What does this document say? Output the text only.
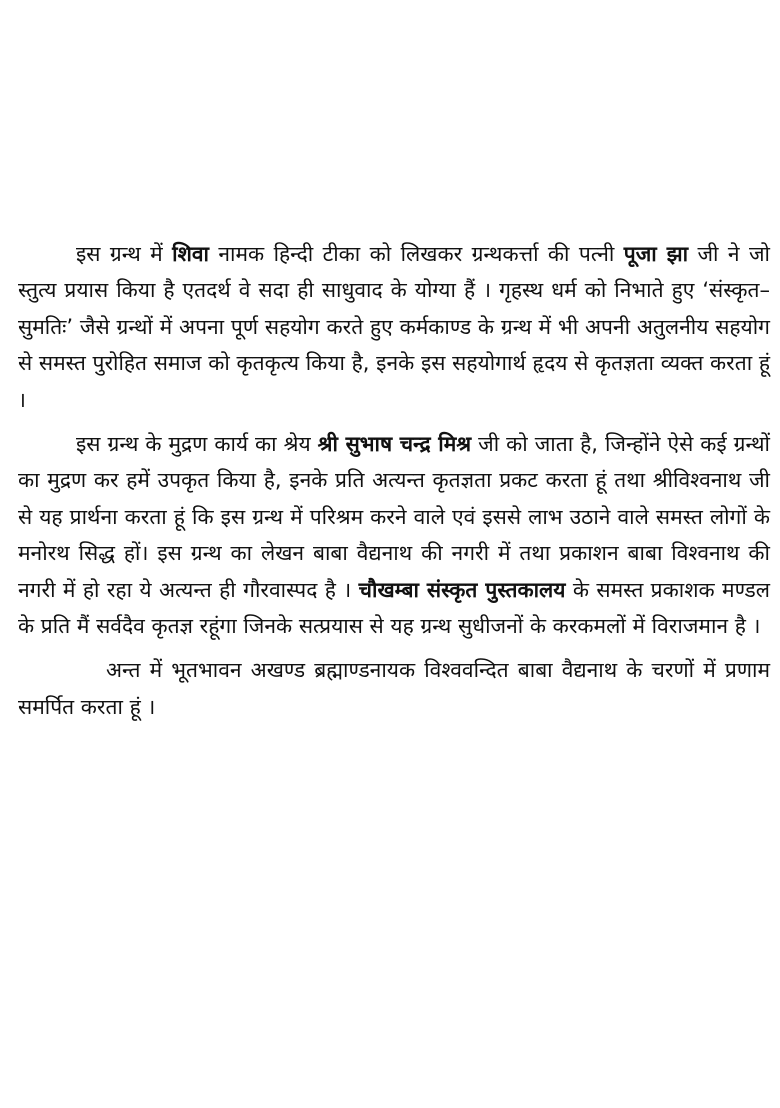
इस ग्रन्थ में शिवा नामक हिन्दी टीका को लिखकर ग्रन्थकर्त्ता की पत्नी पूजा झा जी ने जो स्तुत्य प्रयास किया है एतदर्थ वे सदा ही साधुवाद के योग्या हैं । गृहस्थ धर्म को निभाते हुए ‘संस्कृत–सुमतिः’ जैसे ग्रन्थों में अपना पूर्ण सहयोग करते हुए कर्मकाण्ड के ग्रन्थ में भी अपनी अतुलनीय सहयोग से समस्त पुरोहित समाज को कृतकृत्य किया है, इनके इस सहयोगार्थ हृदय से कृतज्ञता व्यक्त करता हूं ।

इस ग्रन्थ के मुद्रण कार्य का श्रेय श्री सुभाष चन्द्र मिश्र जी को जाता है, जिन्होंने ऐसे कई ग्रन्थों का मुद्रण कर हमें उपकृत किया है, इनके प्रति अत्यन्त कृतज्ञता प्रकट करता हूं तथा श्रीविश्वनाथ जी से यह प्रार्थना करता हूं कि इस ग्रन्थ में परिश्रम करने वाले एवं इससे लाभ उठाने वाले समस्त लोगों के मनोरथ सिद्ध हों। इस ग्रन्थ का लेखन बाबा वैद्यनाथ की नगरी में तथा प्रकाशन बाबा विश्वनाथ की नगरी में हो रहा ये अत्यन्त ही गौरवास्पद है । चौखम्बा संस्कृत पुस्तकालय के समस्त प्रकाशक मण्डल के प्रति मैं सर्वदैव कृतज्ञ रहूंगा जिनके सत्प्रयास से यह ग्रन्थ सुधीजनों के करकमलों में विराजमान है ।

अन्त में भूतभावन अखण्ड ब्रह्माण्डनायक विश्ववन्दित बाबा वैद्यनाथ के चरणों में प्रणाम समर्पित करता हूं ।
